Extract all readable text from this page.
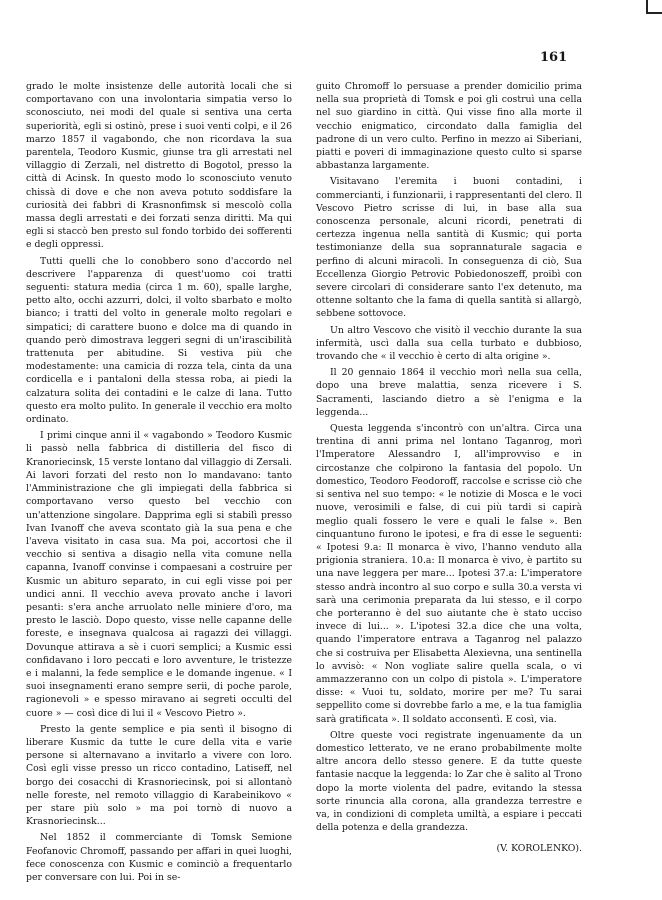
161

grado le molte insistenze delle autorità locali che si comportavano con una involontaria simpatia verso lo sconosciuto, nei modi del quale si sentiva una certa superiorità, egli si ostinò, prese i suoi venti colpi, e il 26 marzo 1857 il vagabondo, che non ricordava la sua parentela, Teodoro Kusmic, giunse tra gli arrestati nel villaggio di Zerzali, nel distretto di Bogotol, presso la città di Acinsk. In questo modo lo sconosciuto venuto chissà di dove e che non aveva potuto soddisfare la curiosità dei fabbri di Krasnonfimsk si mescolò colla massa degli arrestati e dei forzati senza diritti. Ma qui egli si staccò ben presto sul fondo torbido dei sofferenti e degli oppressi.

Tutti quelli che lo conobbero sono d'accordo nel descrivere l'apparenza di quest'uomo coi tratti seguenti: statura media (circa 1 m. 60), spalle larghe, petto alto, occhi azzurri, dolci, il volto sbarbato e molto bianco; i tratti del volto in generale molto regolari e simpatici; di carattere buono e dolce ma di quando in quando però dimostrava leggeri segni di un'irascibilità trattenuta per abitudine. Si vestiva più che modestamente: una camicia di rozza tela, cinta da una cordicella e i pantaloni della stessa roba, ai piedi la calzatura solita dei contadini e le calze di lana. Tutto questo era molto pulito. In generale il vecchio era molto ordinato.

I primi cinque anni il « vagabondo » Teodoro Kusmic li passò nella fabbrica di distilleria del fisco di Kranoriecinsk, 15 verste lontano dal villaggio di Zersali. Ai lavori forzati del resto non lo mandavano: tanto l'Amministrazione che gli impiegati della fabbrica si comportavano verso questo bel vecchio con un'attenzione singolare. Dapprima egli si stabilì presso Ivan Ivanoff che aveva scontato già la sua pena e che l'aveva visitato in casa sua. Ma poi, accortosi che il vecchio si sentiva a disagio nella vita comune nella capanna, Ivanoff convinse i compaesani a costruire per Kusmic un abituro separato, in cui egli visse poi per undici anni. Il vecchio aveva provato anche i lavori pesanti: s'era anche arruolato nelle miniere d'oro, ma presto le lasciò. Dopo questo, visse nelle capanne delle foreste, e insegnava qualcosa ai ragazzi dei villaggi. Dovunque attirava a sè i cuori semplici; a Kusmic essi confidavano i loro peccati e loro avventure, le tristezze e i malanni, la fede semplice e le domande ingenue. « I suoi insegnamenti erano sempre serii, di poche parole, ragionevoli » e spesso miravano ai segreti occulti del cuore » — così dice di lui il « Vescovo Pietro ».

Presto la gente semplice e pia sentì il bisogno di liberare Kusmic da tutte le cure della vita e varie persone si alternavano a invitarlo a vivere con loro. Così egli visse presso un ricco contadino, Latiseff, nel borgo dei cosacchi di Krasnoriecinsk, poi si allontanò nelle foreste, nel remoto villaggio di Karabeinikovo « per stare più solo » ma poi tornò di nuovo a Krasnoriecinsk...

Nel 1852 il commerciante di Tomsk Semione Feofanovic Chromoff, passando per affari in quei luoghi, fece conoscenza con Kusmic e cominciò a frequentarlo per conversare con lui. Poi in se-

guito Chromoff lo persuase a prender domicilio prima nella sua proprietà di Tomsk e poi gli costruì una cella nel suo giardino in città. Qui visse fino alla morte il vecchio enigmatico, circondato dalla famiglia del padrone di un vero culto. Perfino in mezzo ai Siberiani, piatti e poveri di immaginazione questo culto si sparse abbastanza largamente.

Visitavano l'eremita i buoni contadini, i commercianti, i funzionarii, i rappresentanti del clero. Il Vescovo Pietro scrisse di lui, in base alla sua conoscenza personale, alcuni ricordi, penetrati di certezza ingenua nella santità di Kusmic; qui porta testimonianze della sua soprannaturale sagacia e perfino di alcuni miracoli. In conseguenza di ciò, Sua Eccellenza Giorgio Petrovic Pobiedonoszeff, proibì con severe circolari di considerare santo l'ex detenuto, ma ottenne soltanto che la fama di quella santità si allargò, sebbene sottovoce.

Un altro Vescovo che visitò il vecchio durante la sua infermità, uscì dalla sua cella turbato e dubbioso, trovando che « il vecchio è certo di alta origine ».

Il 20 gennaio 1864 il vecchio morì nella sua cella, dopo una breve malattia, senza ricevere i S. Sacramenti, lasciando dietro a sè l'enigma e la leggenda...

Questa leggenda s'incontrò con un'altra. Circa una trentina di anni prima nel lontano Taganrog, morì l'Imperatore Alessandro I, all'improvviso e in circostanze che colpirono la fantasia del popolo. Un domestico, Teodoro Feodoroff, raccolse e scrisse ciò che si sentiva nel suo tempo: « le notizie di Mosca e le voci nuove, verosimili e false, di cui più tardi si capirà meglio quali fossero le vere e quali le false ». Ben cinquantuno furono le ipotesi, e fra di esse le seguenti: « Ipotesi 9.a: Il monarca è vivo, l'hanno venduto alla prigionia straniera. 10.a: Il monarca è vivo, è partito su una nave leggera per mare... Ipotesi 37.a: L'imperatore stesso andrà incontro al suo corpo e sulla 30.a versta vi sarà una cerimonia preparata da lui stesso, e il corpo che porteranno è del suo aiutante che è stato ucciso invece di lui... ». L'ipotesi 32.a dice che una volta, quando l'imperatore entrava a Taganrog nel palazzo che si costruiva per Elisabetta Alexievna, una sentinella lo avvisò: « Non vogliate salire quella scala, o vi ammazzeranno con un colpo di pistola ». L'imperatore disse: « Vuoi tu, soldato, morire per me? Tu sarai seppellito come si dovrebbe farlo a me, e la tua famiglia sarà gratificata ». Il soldato acconsentì. E così, via.

Oltre queste voci registrate ingenuamente da un domestico letterato, ve ne erano probabilmente molte altre ancora dello stesso genere. E da tutte queste fantasie nacque la leggenda: lo Zar che è salito al Trono dopo la morte violenta del padre, evitando la stessa sorte rinuncia alla corona, alla grandezza terrestre e va, in condizioni di completa umiltà, a espiare i peccati della potenza e della grandezza.

(V. KOROLENKO).
